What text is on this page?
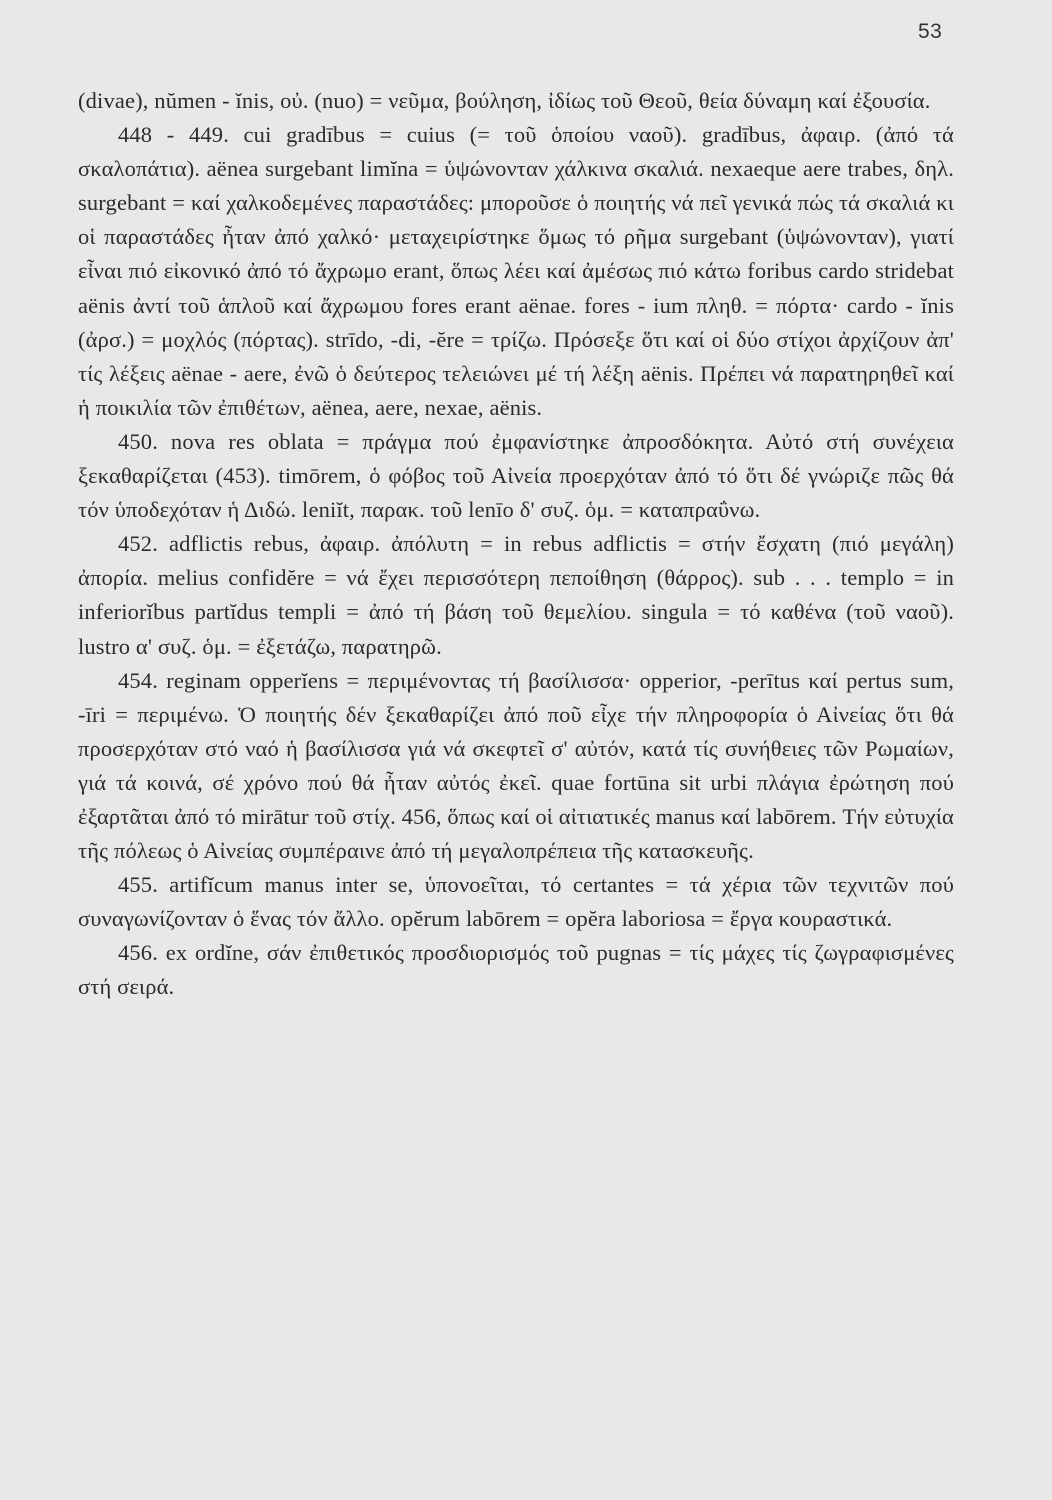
53

(divae), nŭmen - ĭnis, οὐ. (nuo) = νεῦμα, βούληση, ἰδίως τοῦ Θεοῦ, θεία δύναμη καί ἐξουσία.

448 - 449. cui gradībus = cuius (= τοῦ ὁποίου ναοῦ). gradībus, ἀφαιρ. (ἀπό τά σκαλοπάτια). aënea surgebant limĭna = ὑψώνονταν χάλκινα σκαλιά. nexaeque aere trabes, δηλ. surgebant = καί χαλκοδεμένες παραστάδες: μποροῦσε ὁ ποιητής νά πεῖ γενικά πώς τά σκαλιά κι οἱ παραστάδες ἦταν ἀπό χαλκό· μεταχειρίστηκε ὅμως τό ρῆμα surgebant (ὑψώνονταν), γιατί εἶναι πιό εἰκονικό ἀπό τό ἄχρωμο erant, ὅπως λέει καί ἀμέσως πιό κάτω foribus cardo stridebat aënis ἀντί τοῦ ἁπλοῦ καί ἄχρωμου fores erant aënae. fores - ium πληθ. = πόρτα· cardo - ĭnis (ἀρσ.) = μοχλός (πόρτας). strīdo, -di, -ĕre = τρίζω. Πρόσεξε ὅτι καί οἱ δύο στίχοι ἀρχίζουν ἀπ' τίς λέξεις aënae - aere, ἐνῶ ὁ δεύτερος τελειώνει μέ τή λέξη aënis. Πρέπει νά παρατηρηθεῖ καί ἡ ποικιλία τῶν ἐπιθέτων, aënea, aere, nexae, aënis.

450. nova res oblata = πράγμα πού ἐμφανίστηκε ἀπροσδόκητα. Αὐτό στή συνέχεια ξεκαθαρίζεται (453). timōrem, ὁ φόβος τοῦ Αἰνεία προερχόταν ἀπό τό ὅτι δέ γνώριζε πῶς θά τόν ὑποδεχόταν ἡ Διδώ. leniĭt, παρακ. τοῦ lenīo δ' συζ. ὁμ. = καταπραΰνω.

452. adflictis rebus, ἀφαιρ. ἀπόλυτη = in rebus adflictis = στήν ἔσχατη (πιό μεγάλη) ἀπορία. melius confidĕre = νά ἔχει περισσότερη πεποίθηση (θάρρος). sub . . . templo = in inferiorĭbus partĭdus templi = ἀπό τή βάση τοῦ θεμελίου. singula = τό καθένα (τοῦ ναοῦ). lustro α' συζ. ὁμ. = ἐξετάζω, παρατηρῶ.

454. reginam opperĭens = περιμένοντας τή βασίλισσα· opperior, -perītus καί pertus sum, -īri = περιμένω. Ὁ ποιητής δέν ξεκαθαρίζει ἀπό ποῦ εἶχε τήν πληροφορία ὁ Αἰνείας ὅτι θά προσερχόταν στό ναό ἡ βασίλισσα γιά νά σκεφτεῖ σ' αὐτόν, κατά τίς συνήθειες τῶν Ρωμαίων, γιά τά κοινά, σέ χρόνο πού θά ἦταν αὐτός ἐκεῖ. quae fortūna sit urbi πλάγια ἐρώτηση πού ἐξαρτᾶται ἀπό τό mirātur τοῦ στίχ. 456, ὅπως καί οἱ αἰτιατικές manus καί labōrem. Τήν εὐτυχία τῆς πόλεως ὁ Αἰνείας συμπέραινε ἀπό τή μεγαλοπρέπεια τῆς κατασκευῆς.

455. artifĭcum manus inter se, ὑπονοεῖται, τό certantes = τά χέρια τῶν τεχνιτῶν πού συναγωνίζονταν ὁ ἕνας τόν ἄλλο. opĕrum labōrem = opĕra laboriosa = ἔργα κουραστικά.

456. ex ordĭne, σάν ἐπιθετικός προσδιορισμός τοῦ pugnas = τίς μάχες τίς ζωγραφισμένες στή σειρά.
